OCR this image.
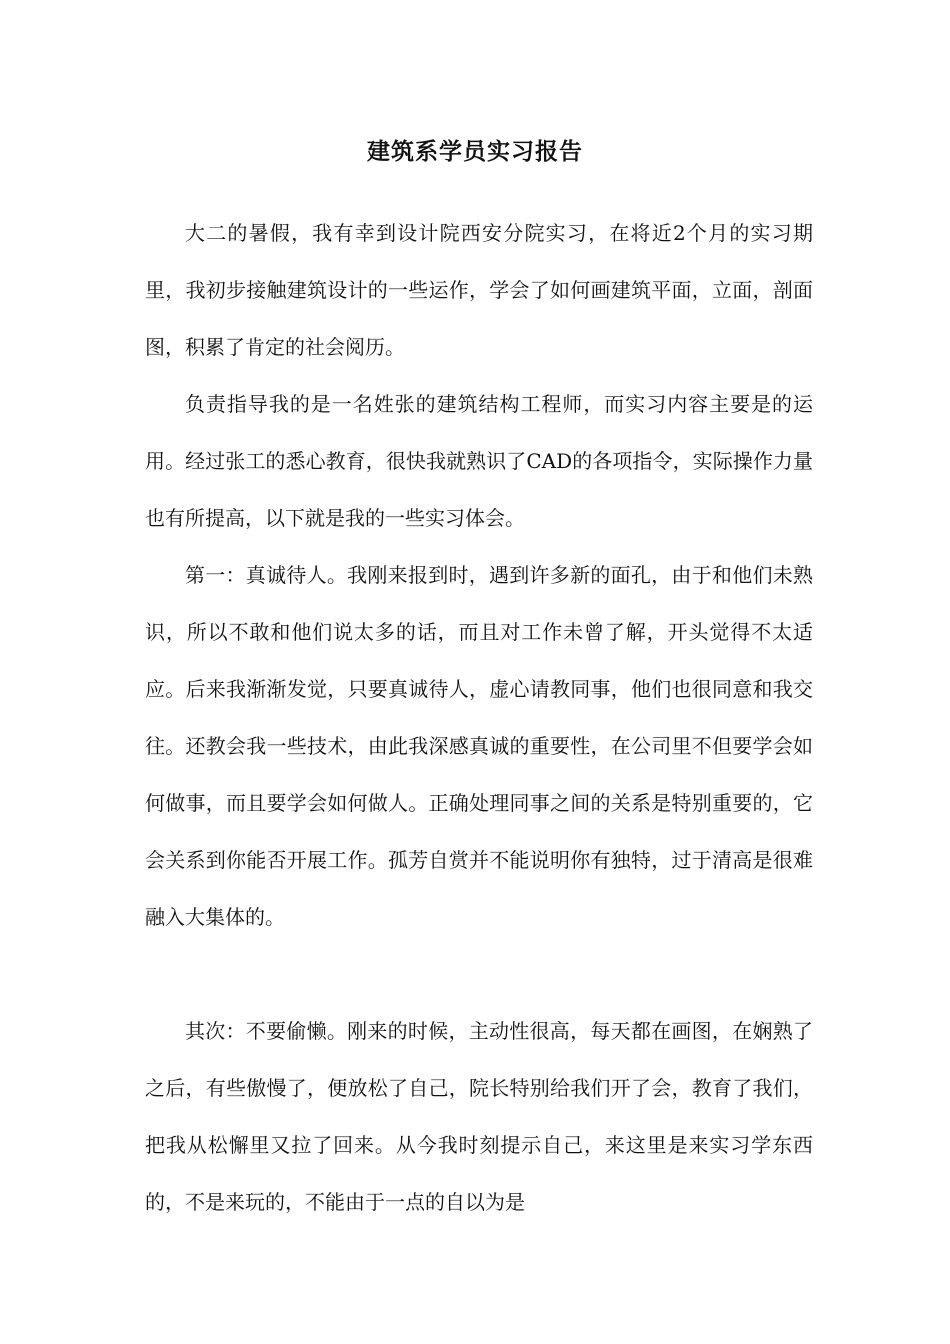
建筑系学员实习报告

大二的暑假，我有幸到设计院西安分院实习，在将近2个月的实习期里，我初步接触建筑设计的一些运作，学会了如何画建筑平面，立面，剖面图，积累了肯定的社会阅历。

负责指导我的是一名姓张的建筑结构工程师，而实习内容主要是的运用。经过张工的悉心教育，很快我就熟识了CAD的各项指令，实际操作力量也有所提高，以下就是我的一些实习体会。

第一：真诚待人。我刚来报到时，遇到许多新的面孔，由于和他们未熟识，所以不敢和他们说太多的话，而且对工作未曾了解，开头觉得不太适应。后来我渐渐发觉，只要真诚待人，虚心请教同事，他们也很同意和我交往。还教会我一些技术，由此我深感真诚的重要性，在公司里不但要学会如何做事，而且要学会如何做人。正确处理同事之间的关系是特别重要的，它会关系到你能否开展工作。孤芳自赏并不能说明你有独特，过于清高是很难融入大集体的。

其次：不要偷懒。刚来的时候，主动性很高，每天都在画图，在娴熟了之后，有些傲慢了，便放松了自己，院长特别给我们开了会，教育了我们，把我从松懈里又拉了回来。从今我时刻提示自己，来这里是来实习学东西的，不是来玩的，不能由于一点的自以为是
